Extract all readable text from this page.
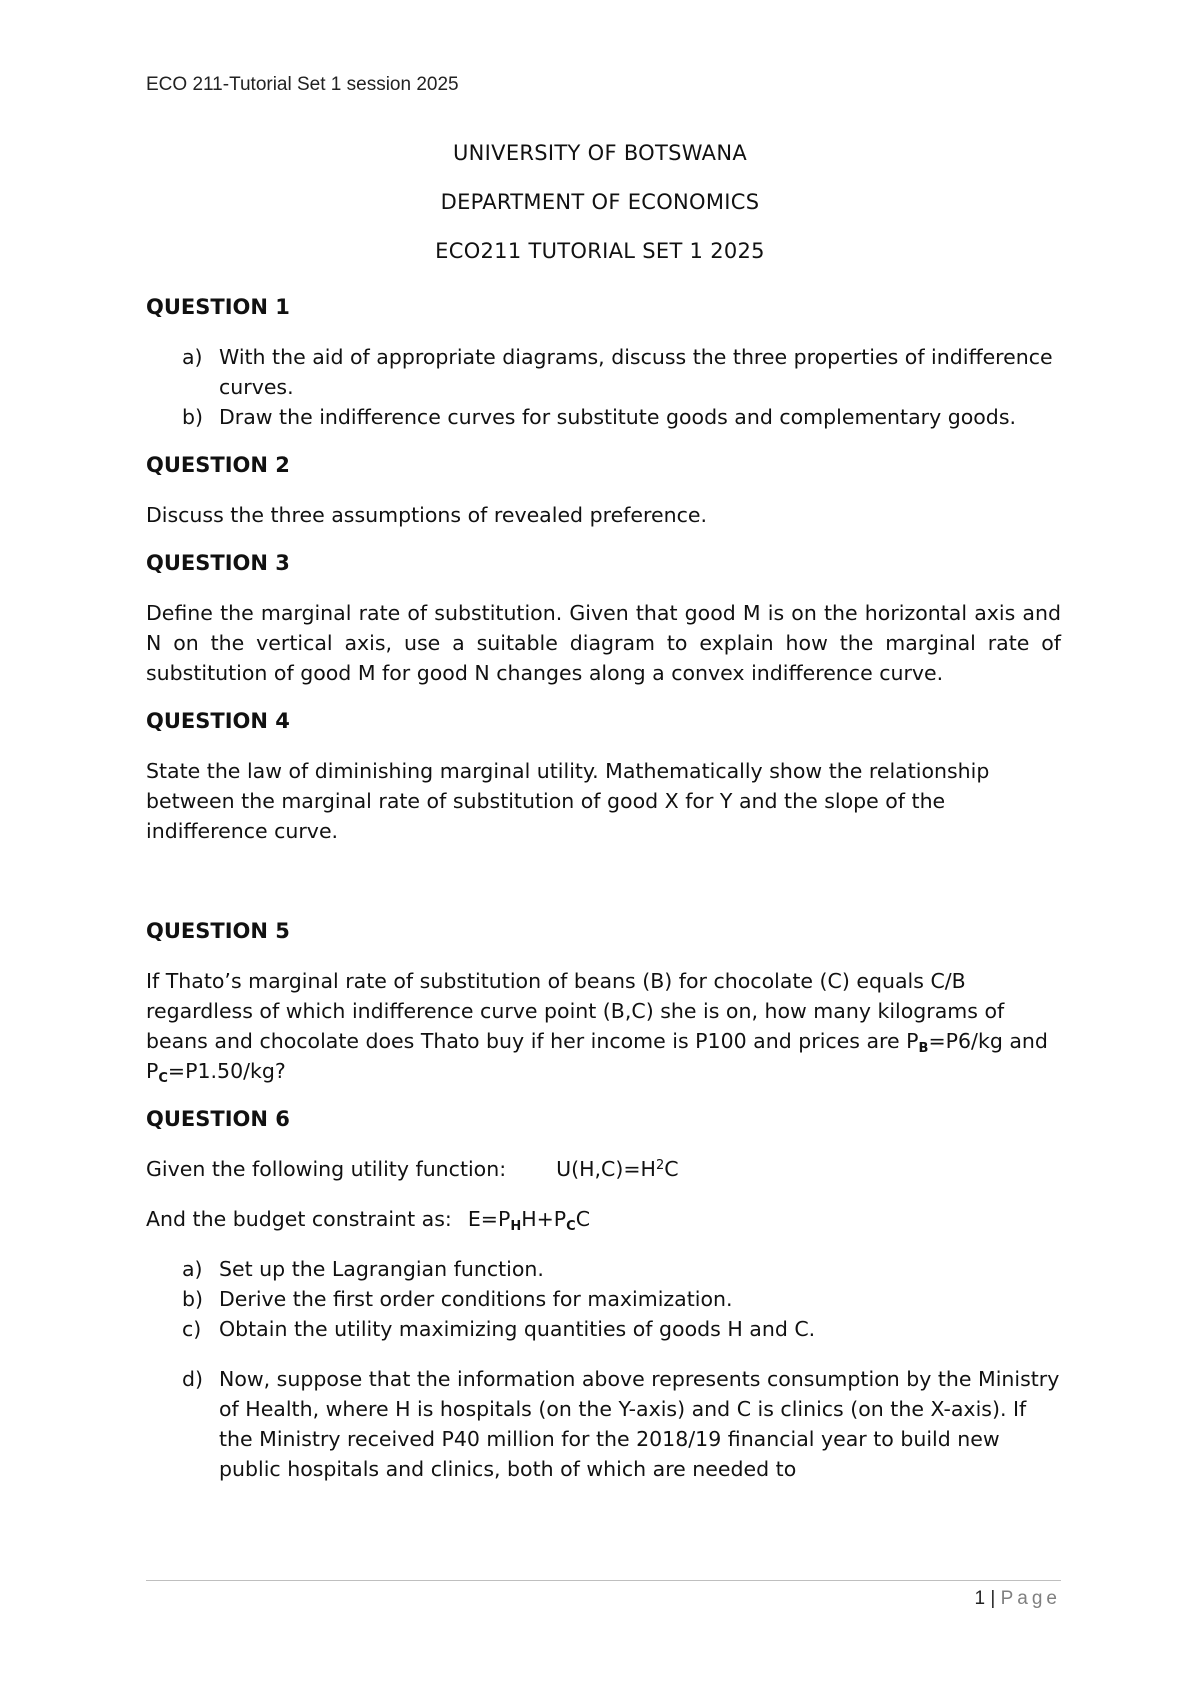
ECO 211-Tutorial Set 1 session 2025
UNIVERSITY OF BOTSWANA
DEPARTMENT OF ECONOMICS
ECO211 TUTORIAL SET 1 2025
QUESTION 1
a) With the aid of appropriate diagrams, discuss the three properties of indifference curves.
b) Draw the indifference curves for substitute goods and complementary goods.
QUESTION 2

Discuss the three assumptions of revealed preference.

QUESTION 3

Define the marginal rate of substitution. Given that good M is on the horizontal axis and N on the vertical axis, use a suitable diagram to explain how the marginal rate of substitution of good M for good N changes along a convex indifference curve.

QUESTION 4

State the law of diminishing marginal utility. Mathematically show the relationship between the marginal rate of substitution of good X for Y and the slope of the indifference curve.

QUESTION 5

If Thato’s marginal rate of substitution of beans (B) for chocolate (C) equals C/B regardless of which indifference curve point (B,C) she is on, how many kilograms of beans and chocolate does Thato buy if her income is P100 and prices are $P_B=P6/kg$ and $P_C=P1.50/kg$?

QUESTION 6

Given the following utility function: $U(H,C)=H^2C$

And the budget constraint as: $E=P_HH+P_CC$

a) Set up the Lagrangian function.
b) Derive the first order conditions for maximization.
c) Obtain the utility maximizing quantities of goods H and C.
d) Now, suppose that the information above represents consumption by the Ministry of Health, where H is hospitals (on the Y-axis) and C is clinics (on the X-axis). If the Ministry received P40 million for the 2018/19 financial year to build new public hospitals and clinics, both of which are needed to
1 | Page
